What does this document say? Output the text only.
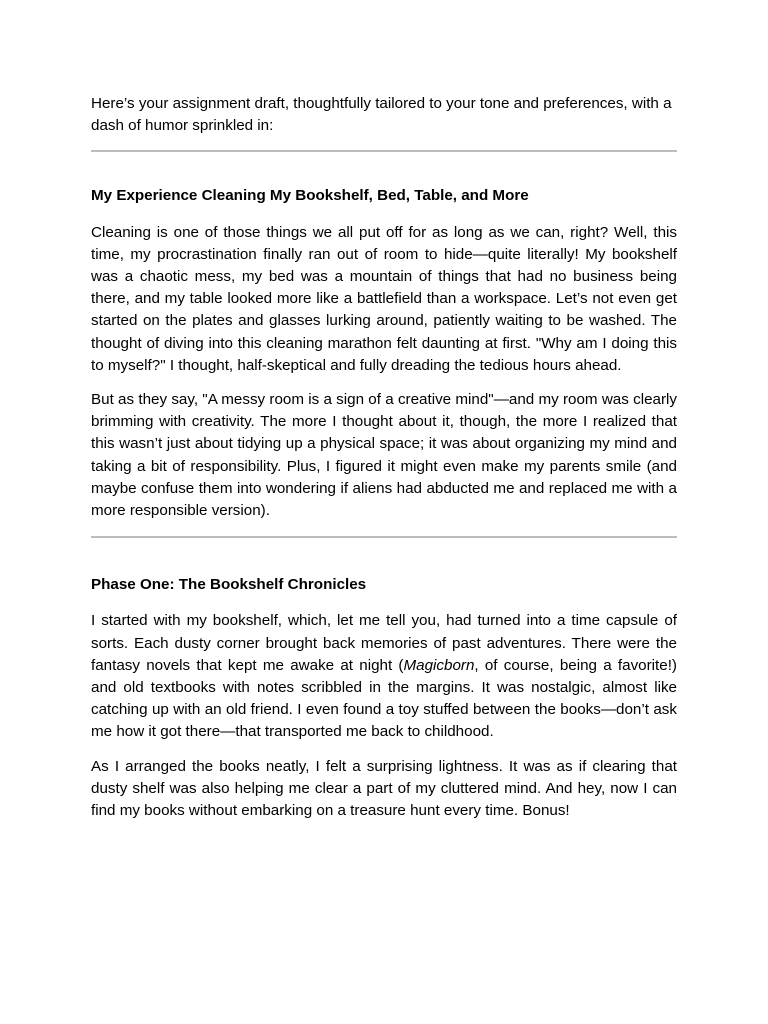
Here’s your assignment draft, thoughtfully tailored to your tone and preferences, with a dash of humor sprinkled in:

My Experience Cleaning My Bookshelf, Bed, Table, and More

Cleaning is one of those things we all put off for as long as we can, right? Well, this time, my procrastination finally ran out of room to hide—quite literally! My bookshelf was a chaotic mess, my bed was a mountain of things that had no business being there, and my table looked more like a battlefield than a workspace. Let’s not even get started on the plates and glasses lurking around, patiently waiting to be washed. The thought of diving into this cleaning marathon felt daunting at first. "Why am I doing this to myself?" I thought, half-skeptical and fully dreading the tedious hours ahead.

But as they say, "A messy room is a sign of a creative mind"—and my room was clearly brimming with creativity. The more I thought about it, though, the more I realized that this wasn’t just about tidying up a physical space; it was about organizing my mind and taking a bit of responsibility. Plus, I figured it might even make my parents smile (and maybe confuse them into wondering if aliens had abducted me and replaced me with a more responsible version).

Phase One: The Bookshelf Chronicles

I started with my bookshelf, which, let me tell you, had turned into a time capsule of sorts. Each dusty corner brought back memories of past adventures. There were the fantasy novels that kept me awake at night (Magicborn, of course, being a favorite!) and old textbooks with notes scribbled in the margins. It was nostalgic, almost like catching up with an old friend. I even found a toy stuffed between the books—don’t ask me how it got there—that transported me back to childhood.

As I arranged the books neatly, I felt a surprising lightness. It was as if clearing that dusty shelf was also helping me clear a part of my cluttered mind. And hey, now I can find my books without embarking on a treasure hunt every time. Bonus!
